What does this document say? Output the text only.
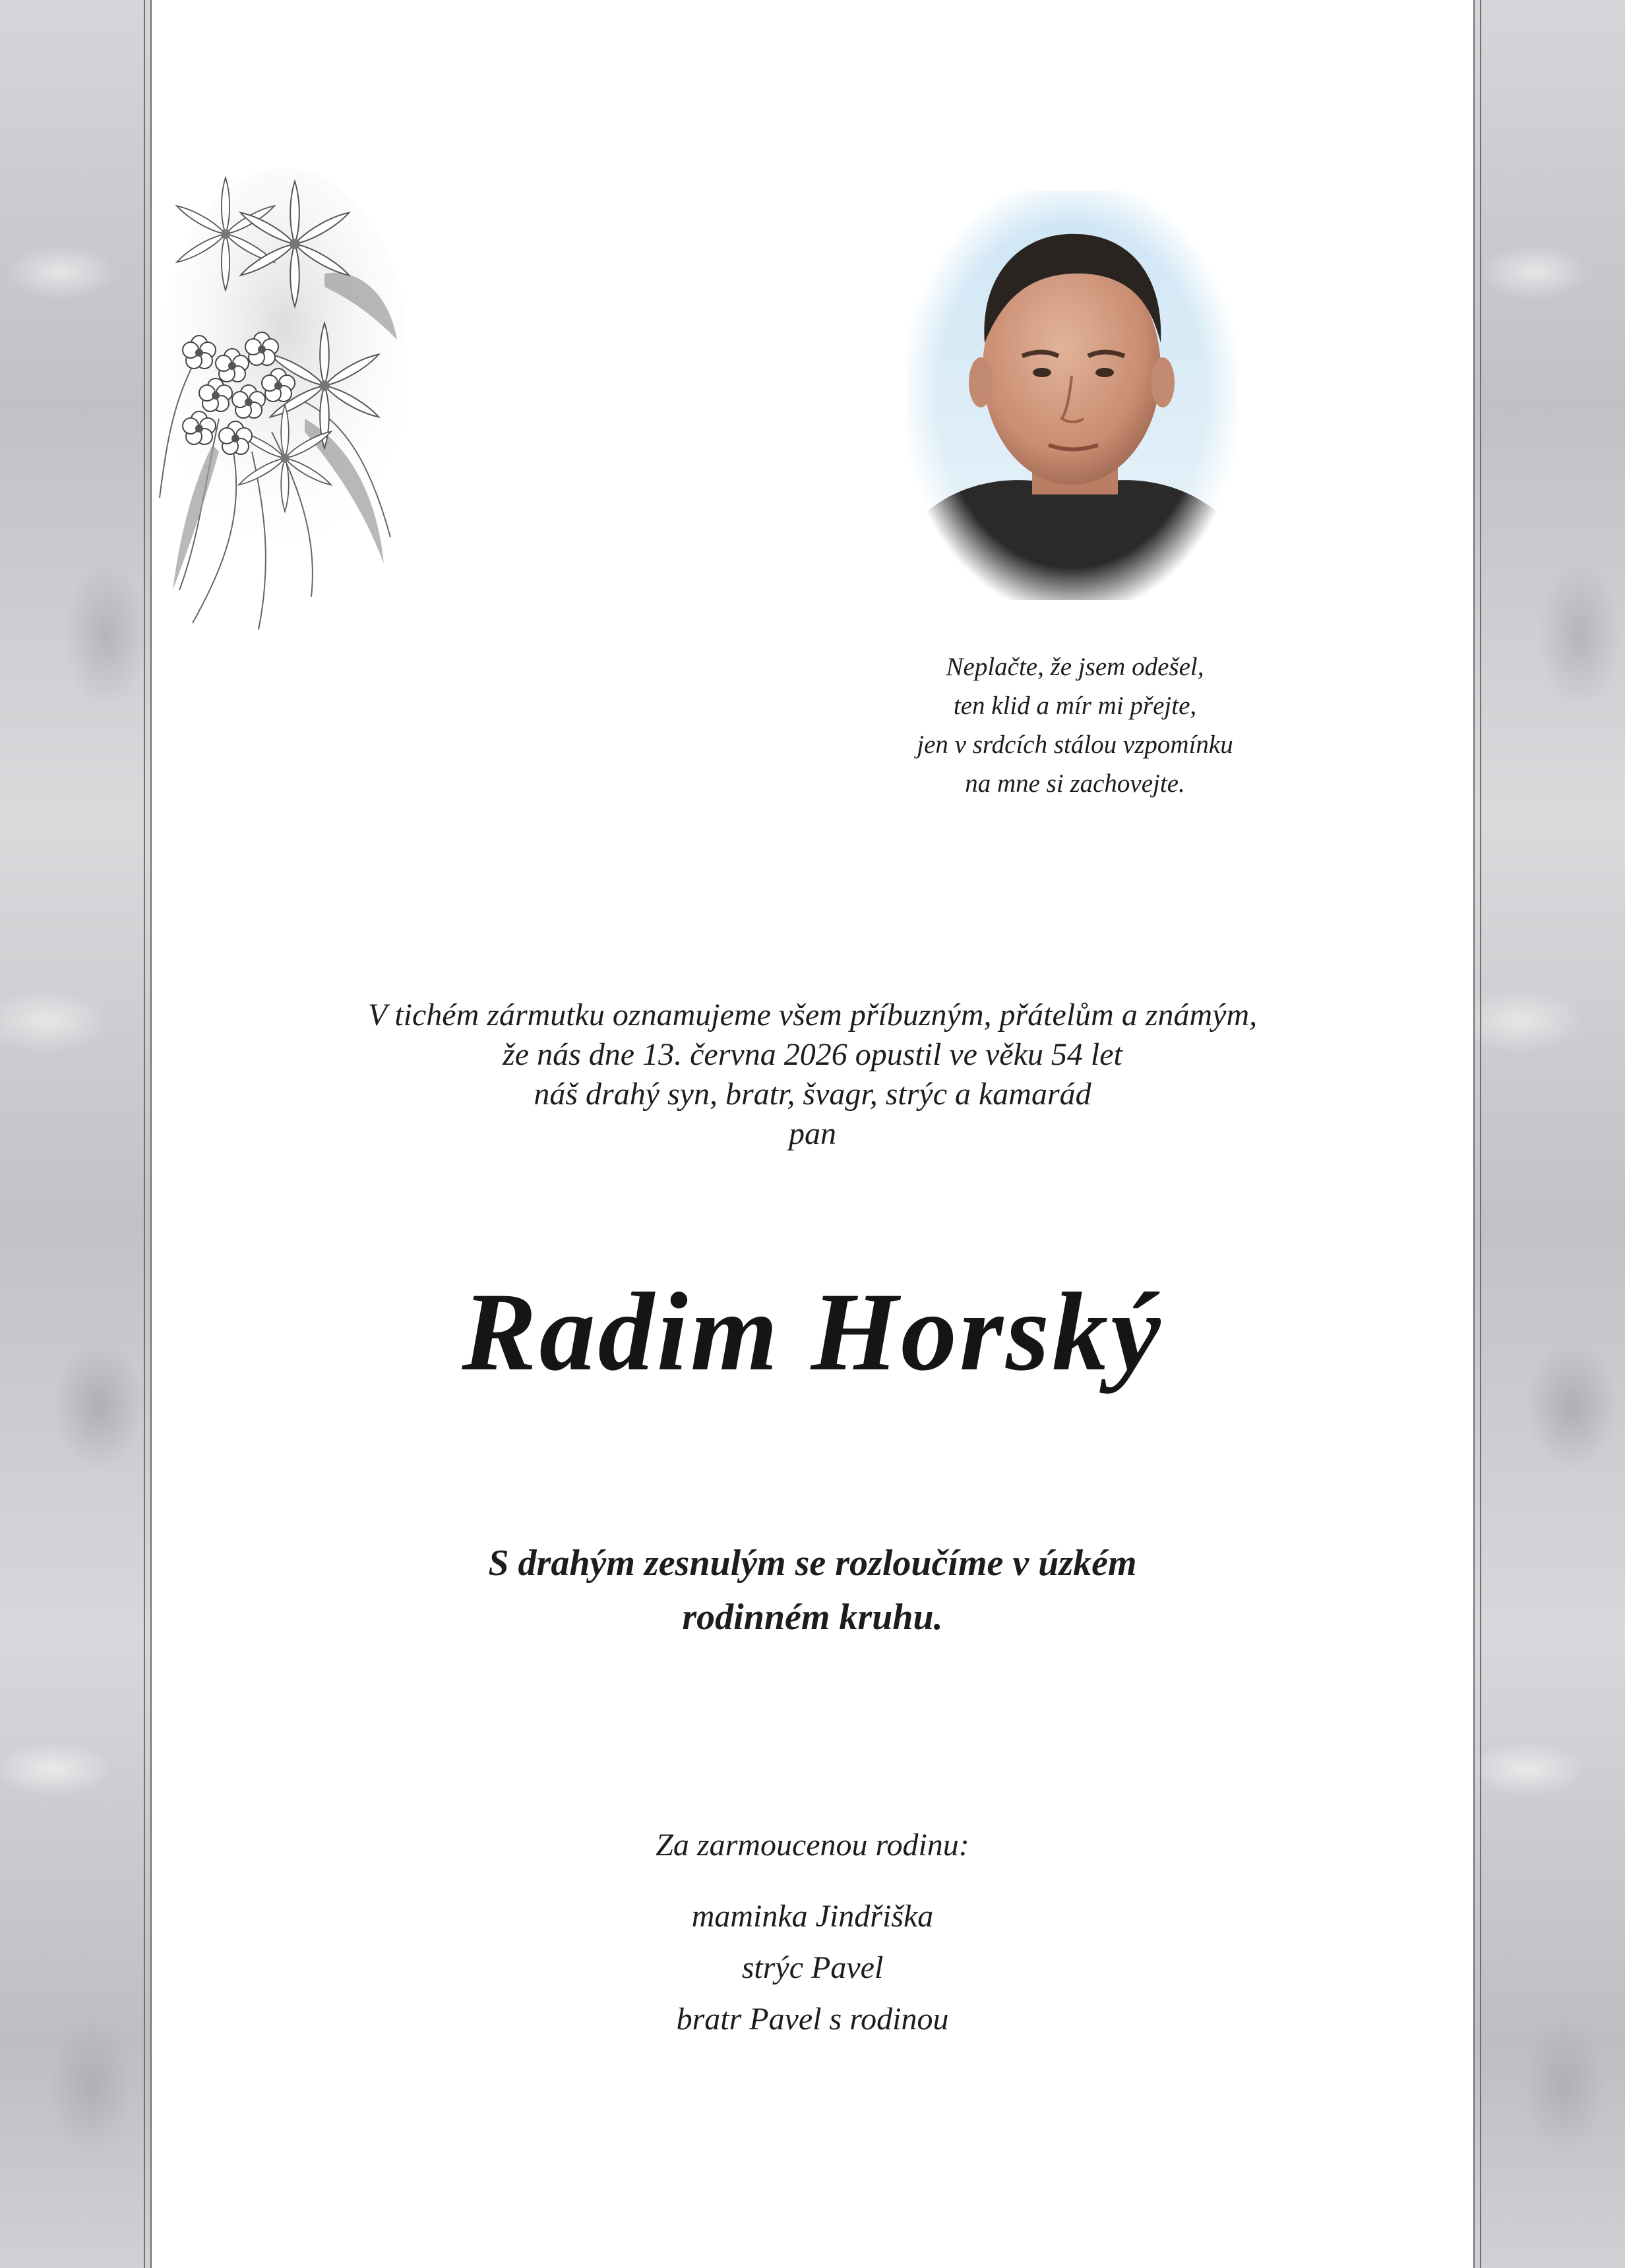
Neplačte, že jsem odešel,
ten klid a mír mi přejte,
jen v srdcích stálou vzpomínku
na mne si zachovejte.
V tichém zármutku oznamujeme všem příbuzným, přátelům a známým,
že nás dne 13. června 2026 opustil ve věku 54 let
náš drahý syn, bratr, švagr, strýc a kamarád
pan
Radim Horský
S drahým zesnulým se rozloučíme v úzkém
rodinném kruhu.
Za zarmoucenou rodinu:
maminka Jindřiška
strýc Pavel
bratr Pavel s rodinou
